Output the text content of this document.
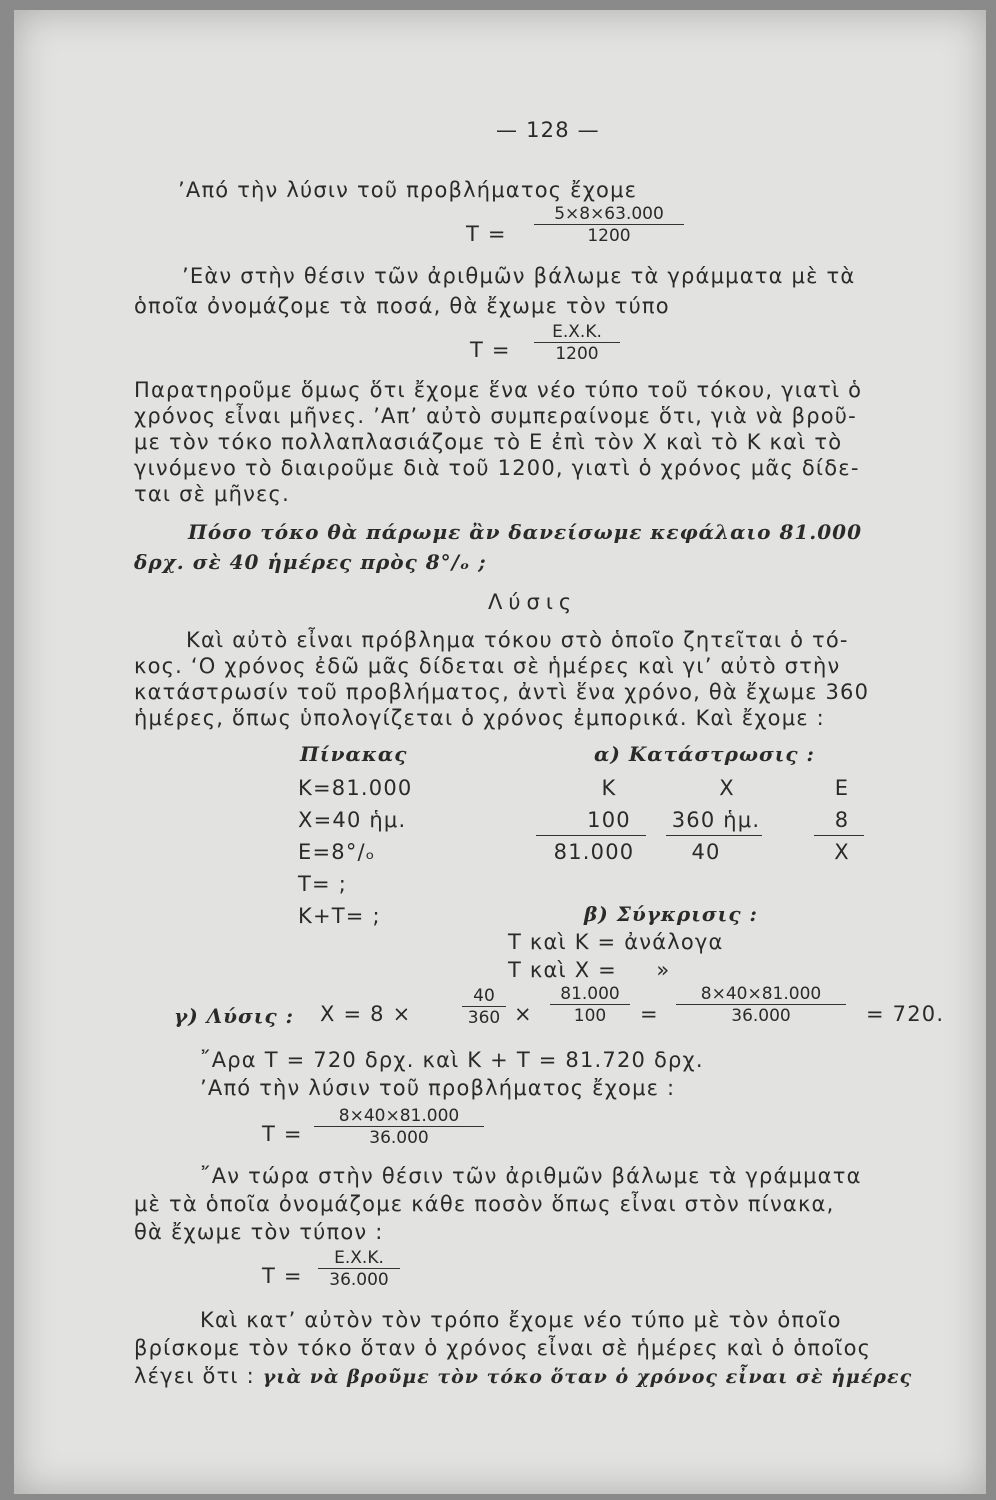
— 128 —
’Από τὴν λύσιν τοῦ προβλήματος ἔχομε
$T = \frac{5\times 8\times 63.000}{1200}$
’Εὰν στὴν θέσιν τῶν ἀριθμῶν βάλωμε τὰ γράμματα μὲ τὰ
ὁποῖα ὀνομάζομε τὰ ποσά, θὰ ἔχωμε τὸν τύπο
$T = \frac{E.X.K.}{1200}$
Παρατηροῦμε ὅμως ὅτι ἔχομε ἕνα νέο τύπο τοῦ τόκου, γιατὶ ὁ
χρόνος εἶναι μῆνες. ’Απ’ αὐτὸ συμπεραίνομε ὅτι, γιὰ νὰ βροῦ-
με τὸν τόκο πολλαπλασιάζομε τὸ Ε ἐπὶ τὸν Χ καὶ τὸ Κ καὶ τὸ
γινόμενο τὸ διαιροῦμε διὰ τοῦ 1200, γιατὶ ὁ χρόνος μᾶς δίδε-
ται σὲ μῆνες.
Πόσο τόκο θὰ πάρωμε ἂν δανείσωμε κεφάλαιο 81.000
δρχ. σὲ 40 ἡμέρες πρὸς 8°/ₒ ;
Λύσις
Καὶ αὐτὸ εἶναι πρόβλημα τόκου στὸ ὁποῖο ζητεῖται ὁ τό-
κος. ‘Ο χρόνος ἐδῶ μᾶς δίδεται σὲ ἡμέρες καὶ γι’ αὐτὸ στὴν
κατάστρωσίν τοῦ προβλήματος, ἀντὶ ἕνα χρόνο, θὰ ἔχωμε 360
ἡμέρες, ὅπως ὑπολογίζεται ὁ χρόνος ἐμπορικά. Καὶ ἔχομε :
Πίνακας	α) Κατάστρωσις :
Κ=81.000
Χ=40 ἡμ.
Ε=8°/ₒ
Τ= ;
Κ+Τ= ;
Κ
100
81.000
Χ
360 ἡμ.
40
Ε
8
Χ
β) Σύγκρισις :
Τ καὶ Κ = ἀνάλογα
Τ καὶ Χ =     »
γ) Λύσις : Χ = 8 ×	$\frac{40}{360} \times \frac{81.000}{100} = \frac{8\times 40\times 81.000}{36.000} = 720$.
῎Αρα Τ = 720 δρχ. καὶ Κ + Τ = 81.720 δρχ.
’Από τὴν λύσιν τοῦ προβλήματος ἔχομε :
$T = \frac{8\times 40\times 81.000}{36.000}$
῎Αν τώρα στὴν θέσιν τῶν ἀριθμῶν βάλωμε τὰ γράμματα
μὲ τὰ ὁποῖα ὀνομάζομε κάθε ποσὸν ὅπως εἶναι στὸν πίνακα,
θὰ ἔχωμε τὸν τύπον :
$T = \frac{E.X.K.}{36.000}$
Καὶ κατ’ αὐτὸν τὸν τρόπο ἔχομε νέο τύπο μὲ τὸν ὁποῖο
βρίσκομε τὸν τόκο ὅταν ὁ χρόνος εἶναι σὲ ἡμέρες καὶ ὁ ὁποῖος
λέγει ὅτι : γιὰ νὰ βροῦμε τὸν τόκο ὅταν ὁ χρόνος εἶναι σὲ ἡμέρες
